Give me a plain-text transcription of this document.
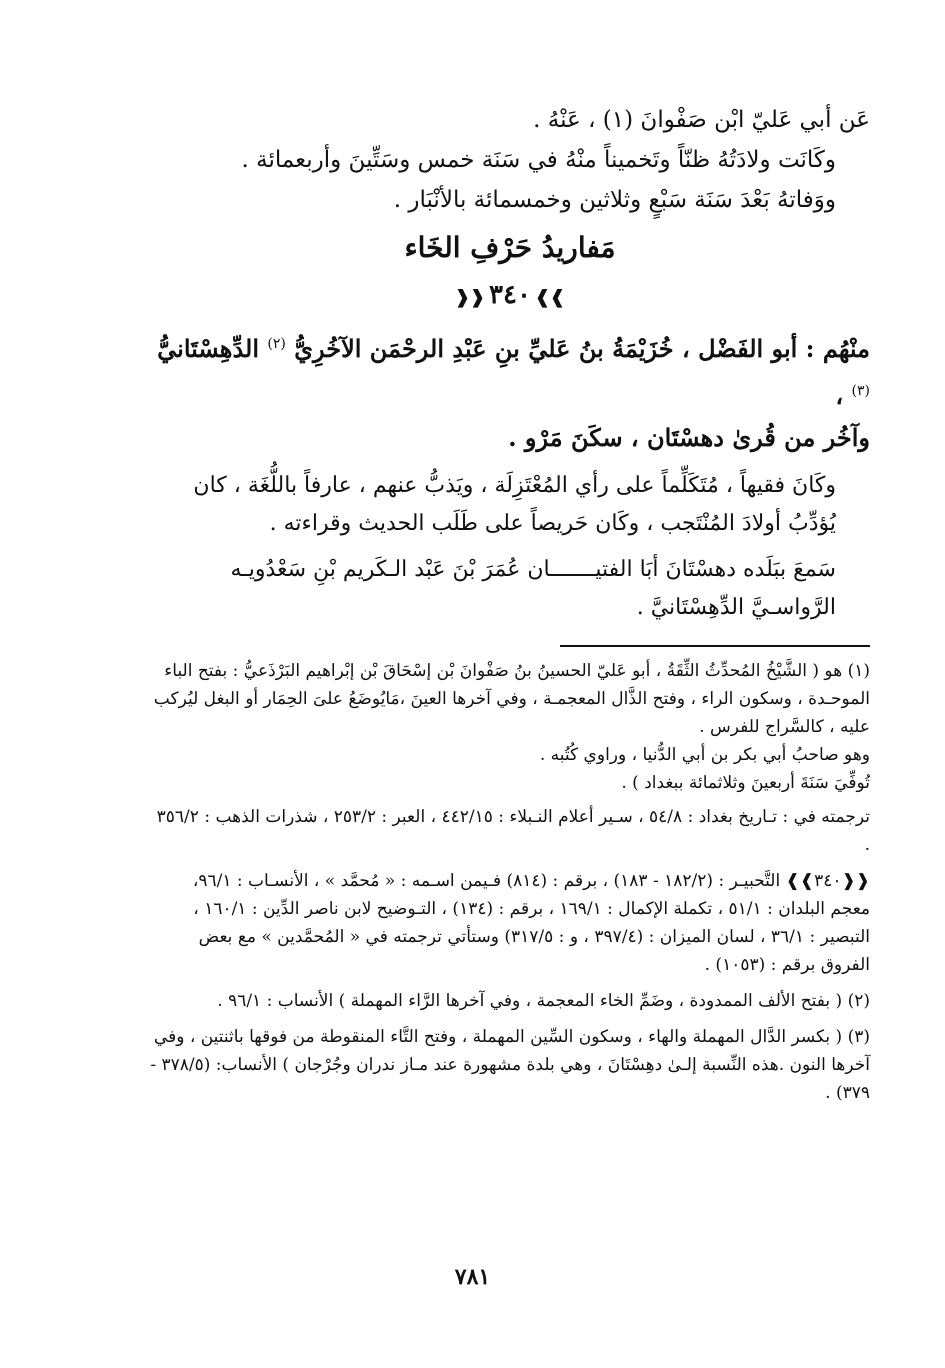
عَن أبي عَليّ ابْن صَفْوانَ (١) ، عَنْهُ .

وكَانَت ولادَتُهُ ظنّاً وتَخميناً منْهُ في سَنَة خمس وسَتِّينَ وأربعمائة .

ووَفاتهُ بَعْدَ سَنَة سَبْعٍ وثلاثين وخمسمائة بالأنْبَار .

مَفاريدُ حَرْفِ الخَاء
❱❱٣٤٠❰❰

منْهُم : أبو الفَضْل ، خُزَيْمَةُ بنُ عَليِّ بنِ عَبْدِ الرحْمَن الآخُرِيُّ $^{(٢)}$ الدِّهِسْتَانيُّ $^{(٣)}$ ،

وآخُر من قُرىٰ دهسْتَان ، سكَنَ مَرْو .

وكَانَ فقيهاً ، مُتَكَلِّماً على رأي المُعْتَزِلَة ، ويَذبُّ عنهم ، عارفاً باللُّغَة ، كان يُؤدِّبُ أولادَ المُنْتَجب ، وكَان حَريصاً على طَلَب الحديث وقراءته .

سَمعَ ببَلَده دهسْتَانَ أبَا الفتيـــــــان عُمَرَ بْنَ عَبْد الـكَريم بْنِ سَعْدُويـه الرَّواسـيَّ الدِّهِسْتَانيَّ .

(١) هو ( الشَّيْخُ المُحدِّثُ الثِّقَةُ ، أبو عَليّ الحسينُ بنُ صَفْوانَ بْن إسْحَاقَ بْن إبْراهيم البَرْذَعيُّ : بفتح الباء الموحـدة ، وسكون الراء ، وفتح الذَّال المعجمـة ، وفي آخرها العينَ ،مَايُوضَعُ علىَ الحِمَار أو البغل ليُركب عليه ، كالسَّراج للفرس .

وهو صاحبُ أبي بكر بن أبي الدُّنيا ، وراوي كُتُبه .

تُوفِّيَ سَنَةَ أربعينَ وثلاثمائة ببغداد ) .

ترجمته في : تـاريخ بغداد : ٥٤/٨ ، سـير أعلام النـبلاء : ٤٤٢/١٥ ، العبر : ٢٥٣/٢ ، شذرات الذهب : ٣٥٦/٢ .

❰❰٣٤٠❱❱ التَّحبيـر : (١٨٢/٢ - ١٨٣) ، برقم : (٨١٤) فـيمن اسـمه : « مُحمَّد » ، الأنسـاب : ٩٦/١، معجم البلدان : ٥١/١ ، تكملة الإكمال : ١٦٩/١ ، برقم : (١٣٤) ، التـوضيح لابن ناصر الدِّين : ١٦٠/١ ، التبصير : ٣٦/١ ، لسان الميزان : (٣٩٧/٤ ، و : ٣١٧/٥) وستأتي ترجمته في « المُحمَّدين » مع بعض الفروق برقم : (١٠٥٣) .

(٢) ( بفتح الألف الممدودة ، وضَمِّ الخاء المعجمة ، وفي آخرها الرَّاء المهملة ) الأنساب : ٩٦/١ .

(٣) ( بكسر الدَّال المهملة والهاء ، وسكون السِّين المهملة ، وفتح التَّاء المنقوطة من فوقها باثنتين ، وفي آخرها النون .هذه النِّسبة إلـىٰ دهِسْتَانَ ، وهي بلدة مشهورة عند مـاز ندران وجُرْجان ) الأنساب: (٣٧٨/٥ - ٣٧٩) .

٧٨١
